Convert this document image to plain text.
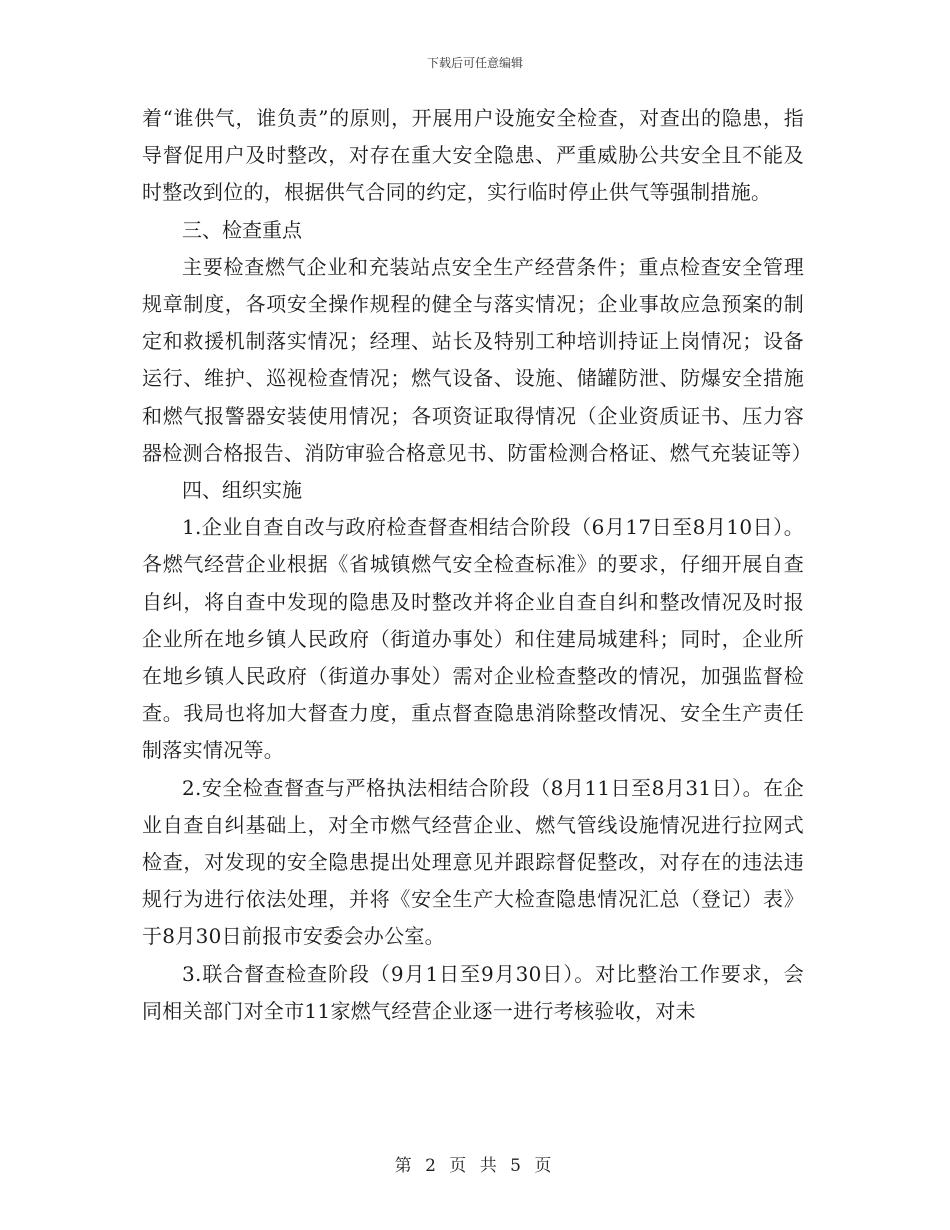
下载后可任意编辑

着“谁供气，谁负责”的原则，开展用户设施安全检查，对查出的隐患，指导督促用户及时整改，对存在重大安全隐患、严重威胁公共安全且不能及时整改到位的，根据供气合同的约定，实行临时停止供气等强制措施。

三、检查重点

主要检查燃气企业和充装站点安全生产经营条件；重点检查安全管理规章制度，各项安全操作规程的健全与落实情况；企业事故应急预案的制定和救援机制落实情况；经理、站长及特别工种培训持证上岗情况；设备运行、维护、巡视检查情况；燃气设备、设施、储罐防泄、防爆安全措施和燃气报警器安装使用情况；各项资证取得情况（企业资质证书、压力容器检测合格报告、消防审验合格意见书、防雷检测合格证、燃气充装证等）

四、组织实施

1.企业自查自改与政府检查督查相结合阶段（6月17日至8月10日）。各燃气经营企业根据《省城镇燃气安全检查标准》的要求，仔细开展自查自纠，将自查中发现的隐患及时整改并将企业自查自纠和整改情况及时报企业所在地乡镇人民政府（街道办事处）和住建局城建科；同时，企业所在地乡镇人民政府（街道办事处）需对企业检查整改的情况，加强监督检查。我局也将加大督查力度，重点督查隐患消除整改情况、安全生产责任制落实情况等。

2.安全检查督查与严格执法相结合阶段（8月11日至8月31日）。在企业自查自纠基础上，对全市燃气经营企业、燃气管线设施情况进行拉网式检查，对发现的安全隐患提出处理意见并跟踪督促整改，对存在的违法违规行为进行依法处理，并将《安全生产大检查隐患情况汇总（登记）表》于8月30日前报市安委会办公室。

3.联合督查检查阶段（9月1日至9月30日）。对比整治工作要求，会同相关部门对全市11家燃气经营企业逐一进行考核验收，对未

第 2 页 共 5 页
